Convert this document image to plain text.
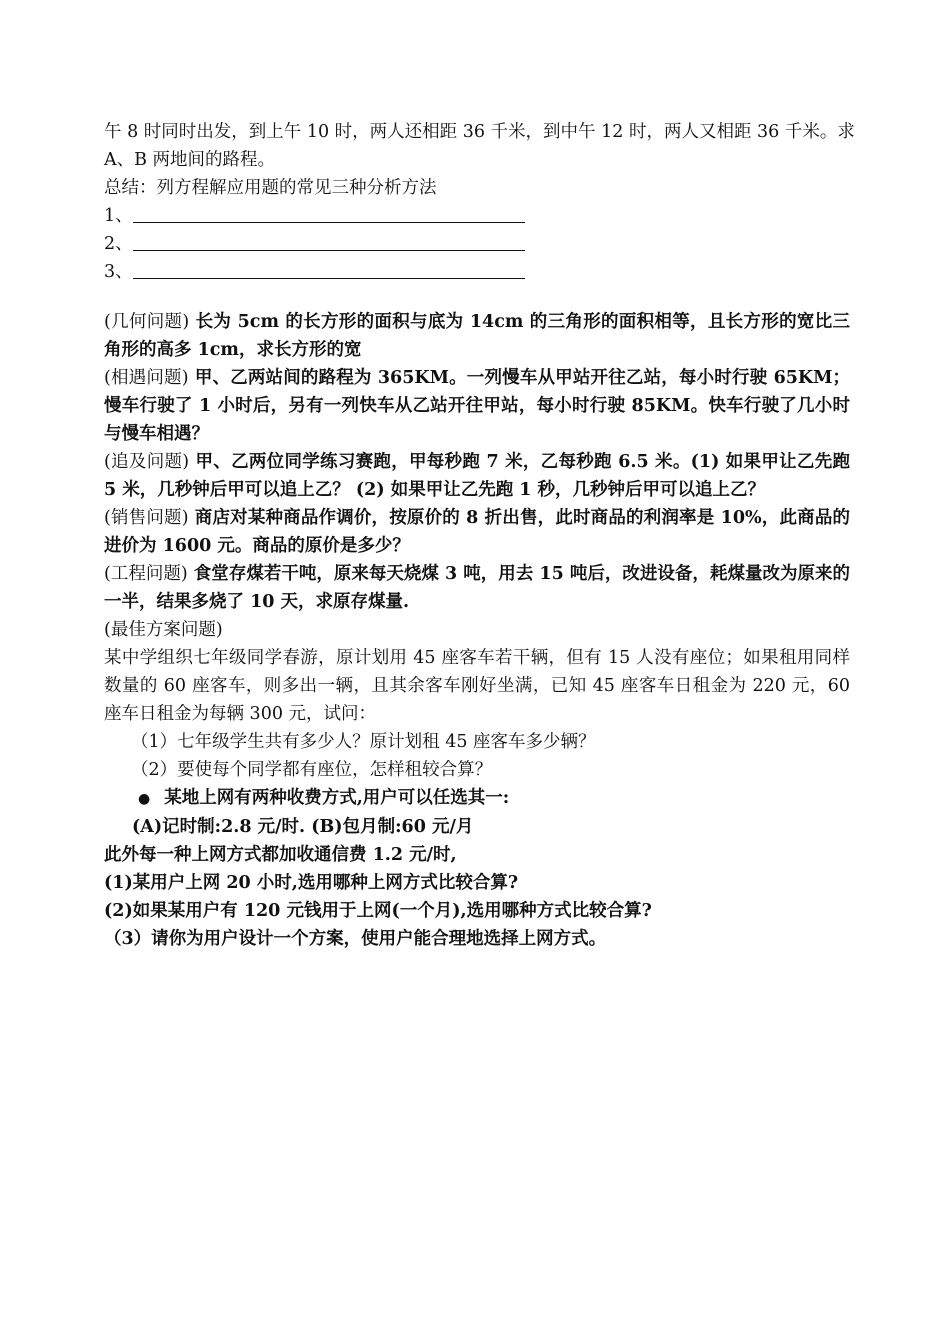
午 8 时同时出发，到上午 10 时，两人还相距 36 千米，到中午 12 时，两人又相距 36 千米。求
A、B 两地间的路程。
总结：列方程解应用题的常见三种分析方法
1、
2、
3、
(几何问题) 长为 5cm 的长方形的面积与底为 14cm 的三角形的面积相等，且长方形的宽比三角形的高多 1cm，求长方形的宽
(相遇问题) 甲、乙两站间的路程为 365KM。一列慢车从甲站开往乙站，每小时行驶 65KM；慢车行驶了 1 小时后，另有一列快车从乙站开往甲站，每小时行驶 85KM。快车行驶了几小时与慢车相遇？
(追及问题) 甲、乙两位同学练习赛跑，甲每秒跑 7 米，乙每秒跑 6.5 米。(1) 如果甲让乙先跑 5 米，几秒钟后甲可以追上乙？ (2) 如果甲让乙先跑 1 秒，几秒钟后甲可以追上乙？
(销售问题) 商店对某种商品作调价，按原价的 8 折出售，此时商品的利润率是 10%，此商品的进价为 1600 元。商品的原价是多少？
(工程问题) 食堂存煤若干吨，原来每天烧煤 3 吨，用去 15 吨后，改进设备，耗煤量改为原来的一半，结果多烧了 10 天，求原存煤量.
(最佳方案问题)
某中学组织七年级同学春游，原计划用 45 座客车若干辆，但有 15 人没有座位；如果租用同样数量的 60 座客车，则多出一辆，且其余客车刚好坐满，已知 45 座客车日租金为 220 元，60 座车日租金为每辆 300 元，试问：
（1）七年级学生共有多少人？原计划租 45 座客车多少辆？
（2）要使每个同学都有座位，怎样租较合算？
● 某地上网有两种收费方式,用户可以任选其一:
(A)记时制:2.8 元/时. (B)包月制:60 元/月
此外每一种上网方式都加收通信费 1.2 元/时,
(1)某用户上网 20 小时,选用哪种上网方式比较合算?
(2)如果某用户有 120 元钱用于上网(一个月),选用哪种方式比较合算?
（3）请你为用户设计一个方案，使用户能合理地选择上网方式。
